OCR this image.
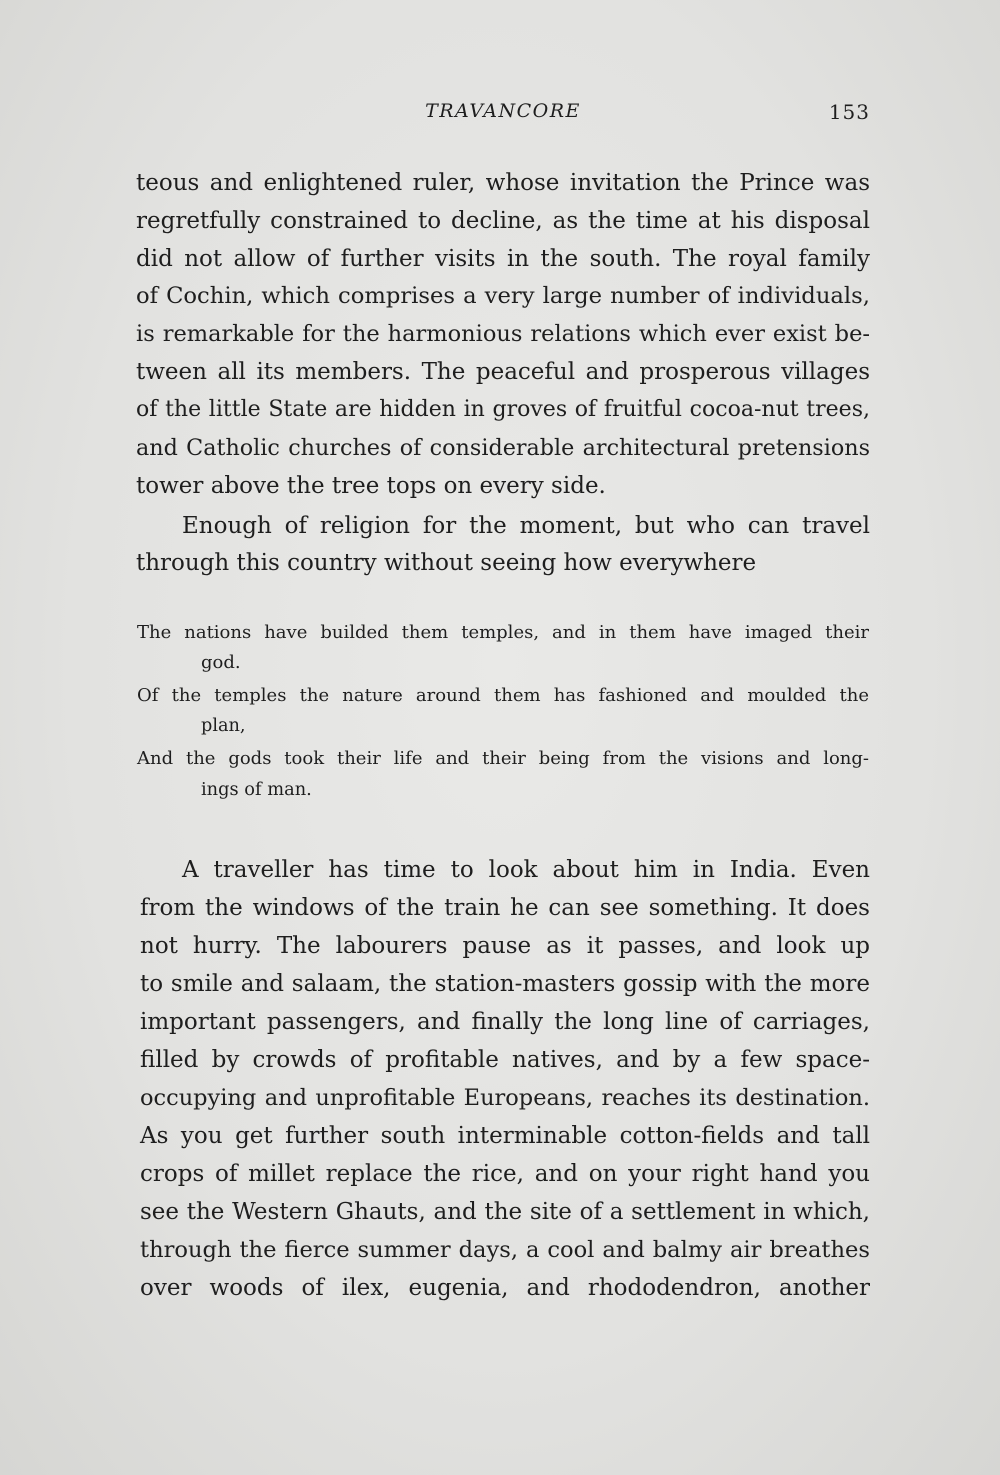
TRAVANCORE	153
teous and enlightened ruler, whose invitation the Prince was
regretfully constrained to decline, as the time at his disposal
did not allow of further visits in the south. The royal family
of Cochin, which comprises a very large number of individuals,
is remarkable for the harmonious relations which ever exist be-
tween all its members. The peaceful and prosperous villages
of the little State are hidden in groves of fruitful cocoa-nut trees,
and Catholic churches of considerable architectural pretensions
tower above the tree tops on every side.
Enough of religion for the moment, but who can travel
through this country without seeing how everywhere
The nations have builded them temples, and in them have imaged their
god.
Of the temples the nature around them has fashioned and moulded the
plan,
And the gods took their life and their being from the visions and long-
ings of man.
A traveller has time to look about him in India. Even
from the windows of the train he can see something. It does
not hurry. The labourers pause as it passes, and look up
to smile and salaam, the station-masters gossip with the more
important passengers, and finally the long line of carriages,
filled by crowds of profitable natives, and by a few space-
occupying and unprofitable Europeans, reaches its destination.
As you get further south interminable cotton-fields and tall
crops of millet replace the rice, and on your right hand you
see the Western Ghauts, and the site of a settlement in which,
through the fierce summer days, a cool and balmy air breathes
over woods of ilex, eugenia, and rhododendron, another
